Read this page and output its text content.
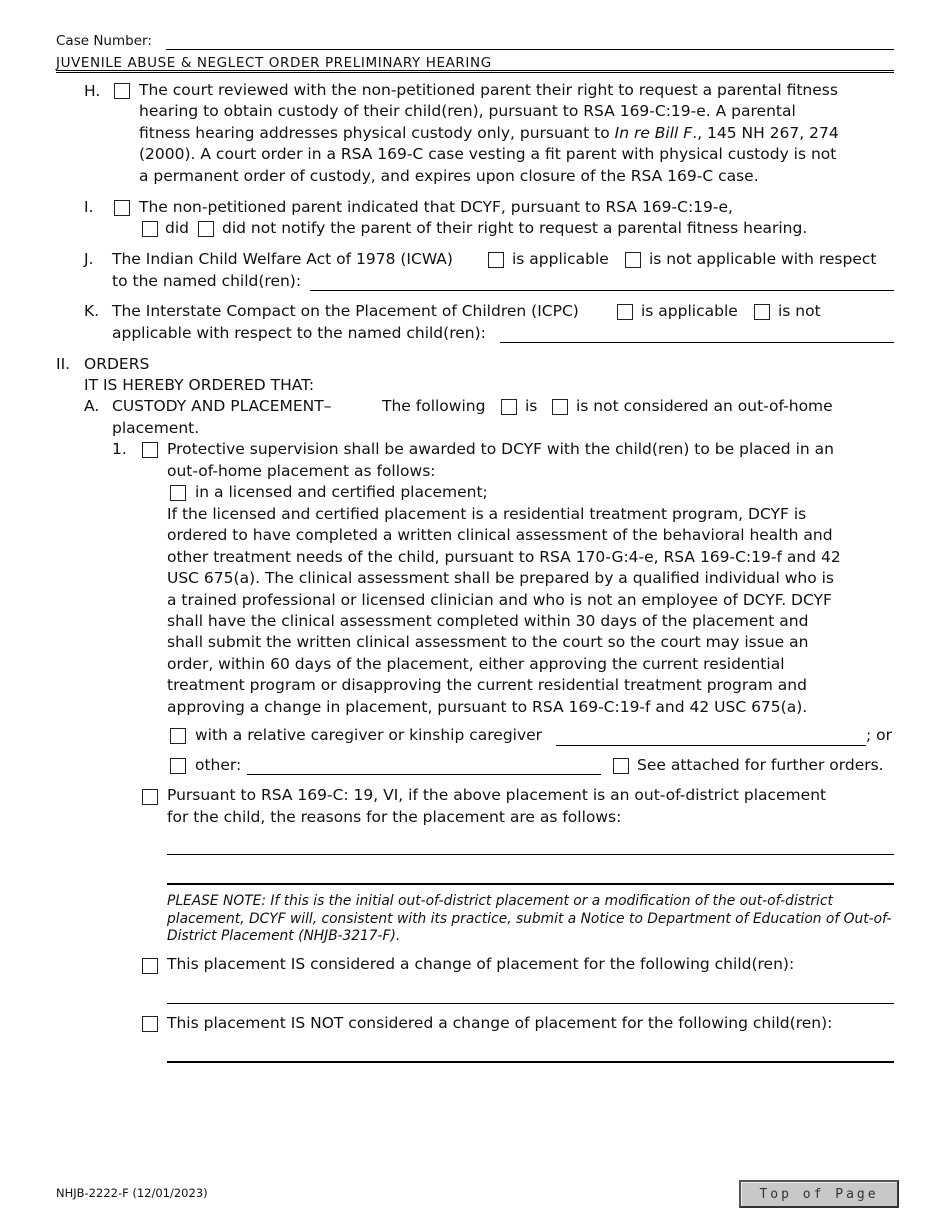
Case Number:
JUVENILE ABUSE & NEGLECT ORDER PRELIMINARY HEARING
H. The court reviewed with the non-petitioned parent their right to request a parental fitness
hearing to obtain custody of their child(ren), pursuant to RSA 169-C:19-e. A parental
fitness hearing addresses physical custody only, pursuant to In re Bill F., 145 NH 267, 274
(2000). A court order in a RSA 169-C case vesting a fit parent with physical custody is not
a permanent order of custody, and expires upon closure of the RSA 169-C case.
I.	The non-petitioned parent indicated that DCYF, pursuant to RSA 169-C:19-e,
did did not notify the parent of their right to request a parental fitness hearing.
J. The Indian Child Welfare Act of 1978 (ICWA)	is applicable	is not applicable with respect
to the named child(ren):
K. The Interstate Compact on the Placement of Children (ICPC)	is applicable	is not
applicable with respect to the named child(ren):
II. ORDERS
IT IS HEREBY ORDERED THAT:
A. CUSTODY AND PLACEMENT–	The following	is is not considered an out-of-home
placement.
1.	Protective supervision shall be awarded to DCYF with the child(ren) to be placed in an
out-of-home placement as follows:
in a licensed and certified placement;
If the licensed and certified placement is a residential treatment program, DCYF is
ordered to have completed a written clinical assessment of the behavioral health and
other treatment needs of the child, pursuant to RSA 170-G:4-e, RSA 169-C:19-f and 42
USC 675(a). The clinical assessment shall be prepared by a qualified individual who is
a trained professional or licensed clinician and who is not an employee of DCYF. DCYF
shall have the clinical assessment completed within 30 days of the placement and
shall submit the written clinical assessment to the court so the court may issue an
order, within 60 days of the placement, either approving the current residential
treatment program or disapproving the current residential treatment program and
approving a change in placement, pursuant to RSA 169-C:19-f and 42 USC 675(a).
with a relative caregiver or kinship caregiver	; or
other:	See attached for further orders.
Pursuant to RSA 169-C: 19, VI, if the above placement is an out-of-district placement
for the child, the reasons for the placement are as follows:
PLEASE NOTE: If this is the initial out-of-district placement or a modification of the out-of-district
placement, DCYF will, consistent with its practice, submit a Notice to Department of Education of Out-of-
District Placement (NHJB-3217-F).
This placement IS considered a change of placement for the following child(ren):
This placement IS NOT considered a change of placement for the following child(ren):
NHJB-2222-F (12/01/2023)	Top of Page
